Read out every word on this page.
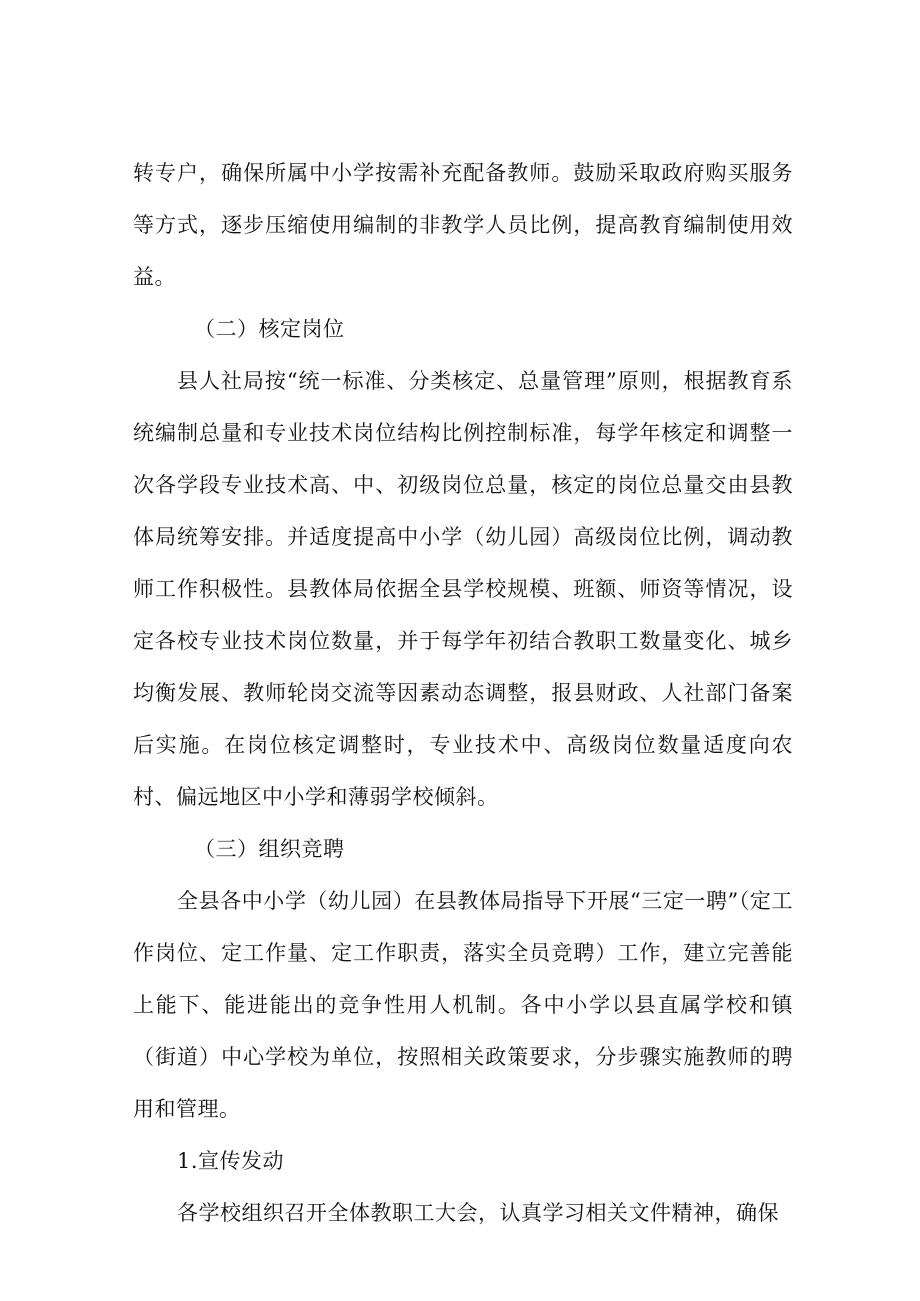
转专户，确保所属中小学按需补充配备教师。鼓励采取政府购买服务等方式，逐步压缩使用编制的非教学人员比例，提高教育编制使用效益。

（二）核定岗位

县人社局按“统一标准、分类核定、总量管理”原则，根据教育系统编制总量和专业技术岗位结构比例控制标准，每学年核定和调整一次各学段专业技术高、中、初级岗位总量，核定的岗位总量交由县教体局统筹安排。并适度提高中小学（幼儿园）高级岗位比例，调动教师工作积极性。县教体局依据全县学校规模、班额、师资等情况，设定各校专业技术岗位数量，并于每学年初结合教职工数量变化、城乡均衡发展、教师轮岗交流等因素动态调整，报县财政、人社部门备案后实施。在岗位核定调整时，专业技术中、高级岗位数量适度向农村、偏远地区中小学和薄弱学校倾斜。

（三）组织竞聘

全县各中小学（幼儿园）在县教体局指导下开展“三定一聘”（定工作岗位、定工作量、定工作职责，落实全员竞聘）工作，建立完善能上能下、能进能出的竞争性用人机制。各中小学以县直属学校和镇（街道）中心学校为单位，按照相关政策要求，分步骤实施教师的聘用和管理。

1.宣传发动

各学校组织召开全体教职工大会，认真学习相关文件精神，确保
